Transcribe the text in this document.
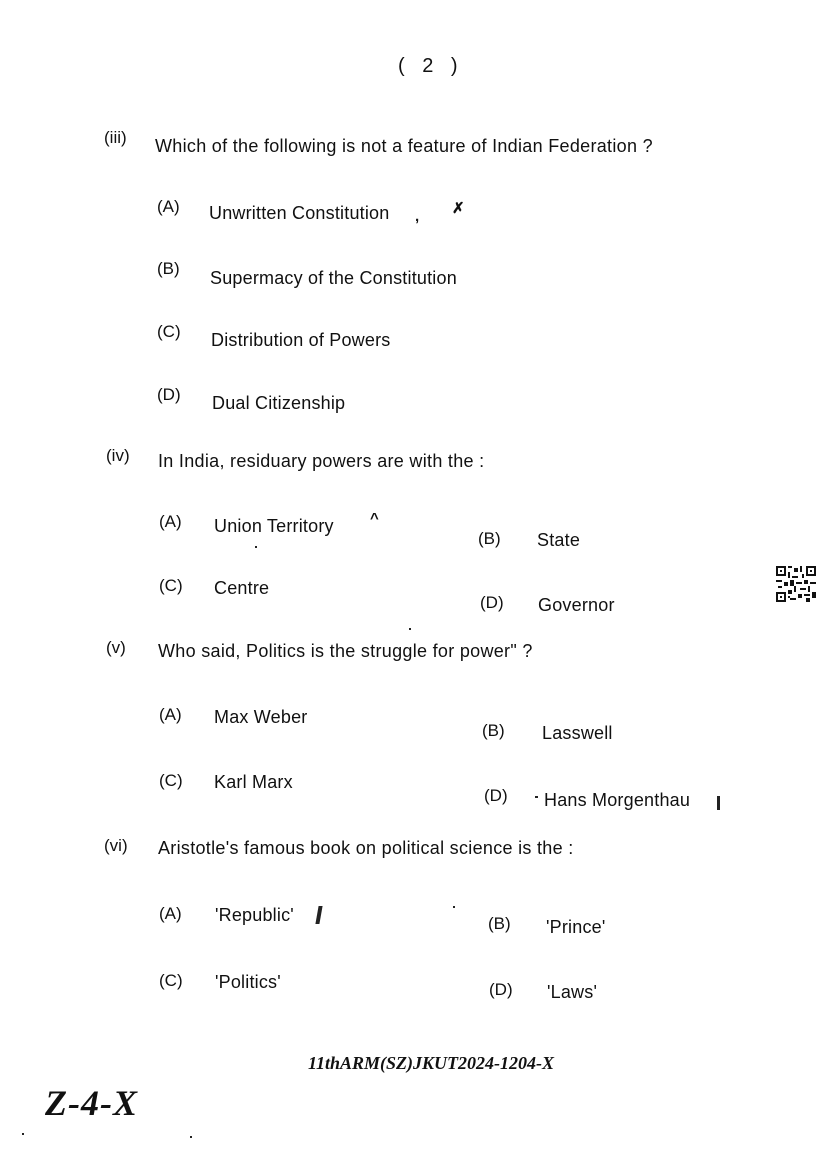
( 2 )
(iii) Which of the following is not a feature of Indian Federation ?
(A) Unwritten Constitution
(B) Supermacy of the Constitution
(C) Distribution of Powers
(D) Dual Citizenship
(iv) In India, residuary powers are with the :
(A) Union Territory
(B) State
(C) Centre
(D) Governor
(v) Who said, Politics is the struggle for power" ?
(A) Max Weber
(B) Lasswell
(C) Karl Marx
(D) Hans Morgenthau
(vi) Aristotle's famous book on political science is the :
(A) 'Republic'	(B) 'Prince'
(C) 'Politics'	(D) 'Laws'
, ✗
^
11thARM(SZ)JKUT2024-1204-X
Z-4-X
